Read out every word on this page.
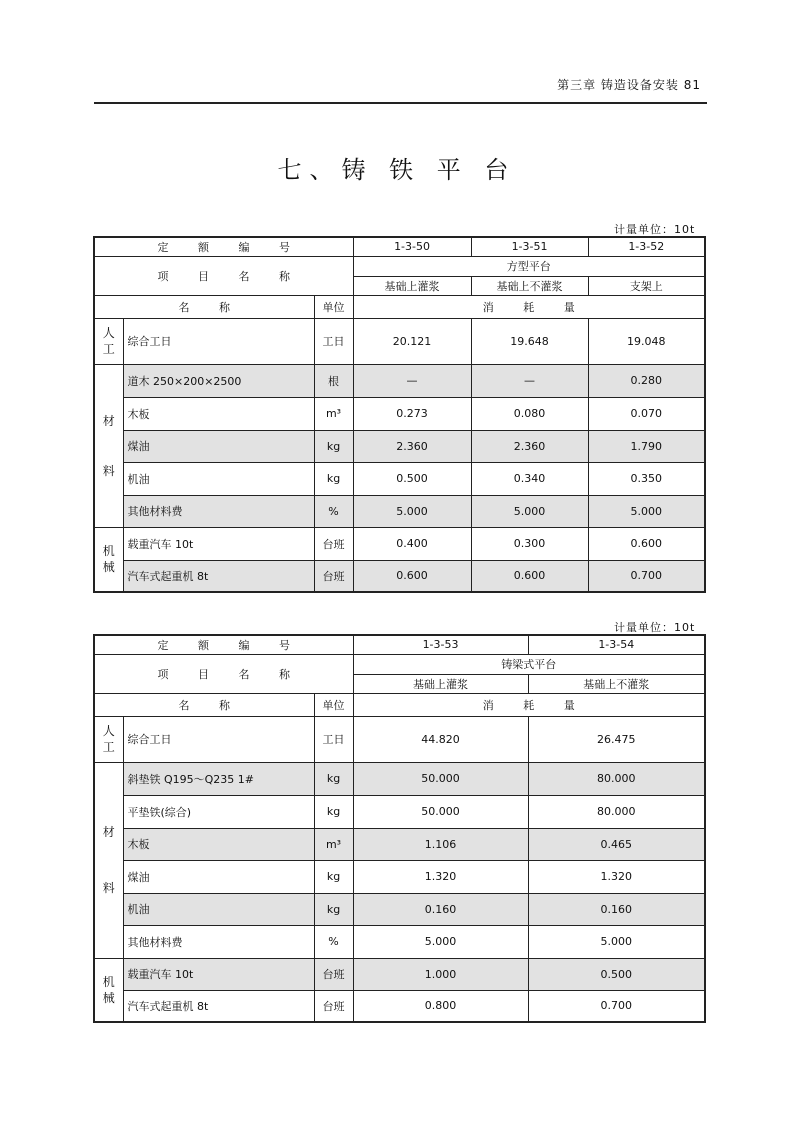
第三章 铸造设备安装 81
七、铸 铁 平 台
计量单位：10t
定 额 编 号			1-3-50	1-3-51	1-3-52
项 目 名 称			方型平台		
			基础上灌浆	基础上不灌浆	支架上
名 称		单位	消 耗 量		

人
工	综合工日	工日	20.121	19.648	19.048

材
料	道木 250×200×2500	根	—	—	0.280
	木板	m³	0.273	0.080	0.070
	煤油	kg	2.360	2.360	1.790
	机油	kg	0.500	0.340	0.350
	其他材料费	%	5.000	5.000	5.000

机
械	载重汽车 10t	台班	0.400	0.300	0.600
	汽车式起重机 8t	台班	0.600	0.600	0.700
计量单位：10t
定 额 编 号			1-3-53	1-3-54
项 目 名 称			铸梁式平台	
			基础上灌浆	基础上不灌浆
名 称		单位	消 耗 量	

人
工	综合工日	工日	44.820	26.475

材
料	斜垫铁 Q195～Q235 1#	kg	50.000	80.000
	平垫铁(综合)	kg	50.000	80.000
	木板	m³	1.106	0.465
	煤油	kg	1.320	1.320
	机油	kg	0.160	0.160
	其他材料费	%	5.000	5.000

机
械	载重汽车 10t	台班	1.000	0.500
	汽车式起重机 8t	台班	0.800	0.700
